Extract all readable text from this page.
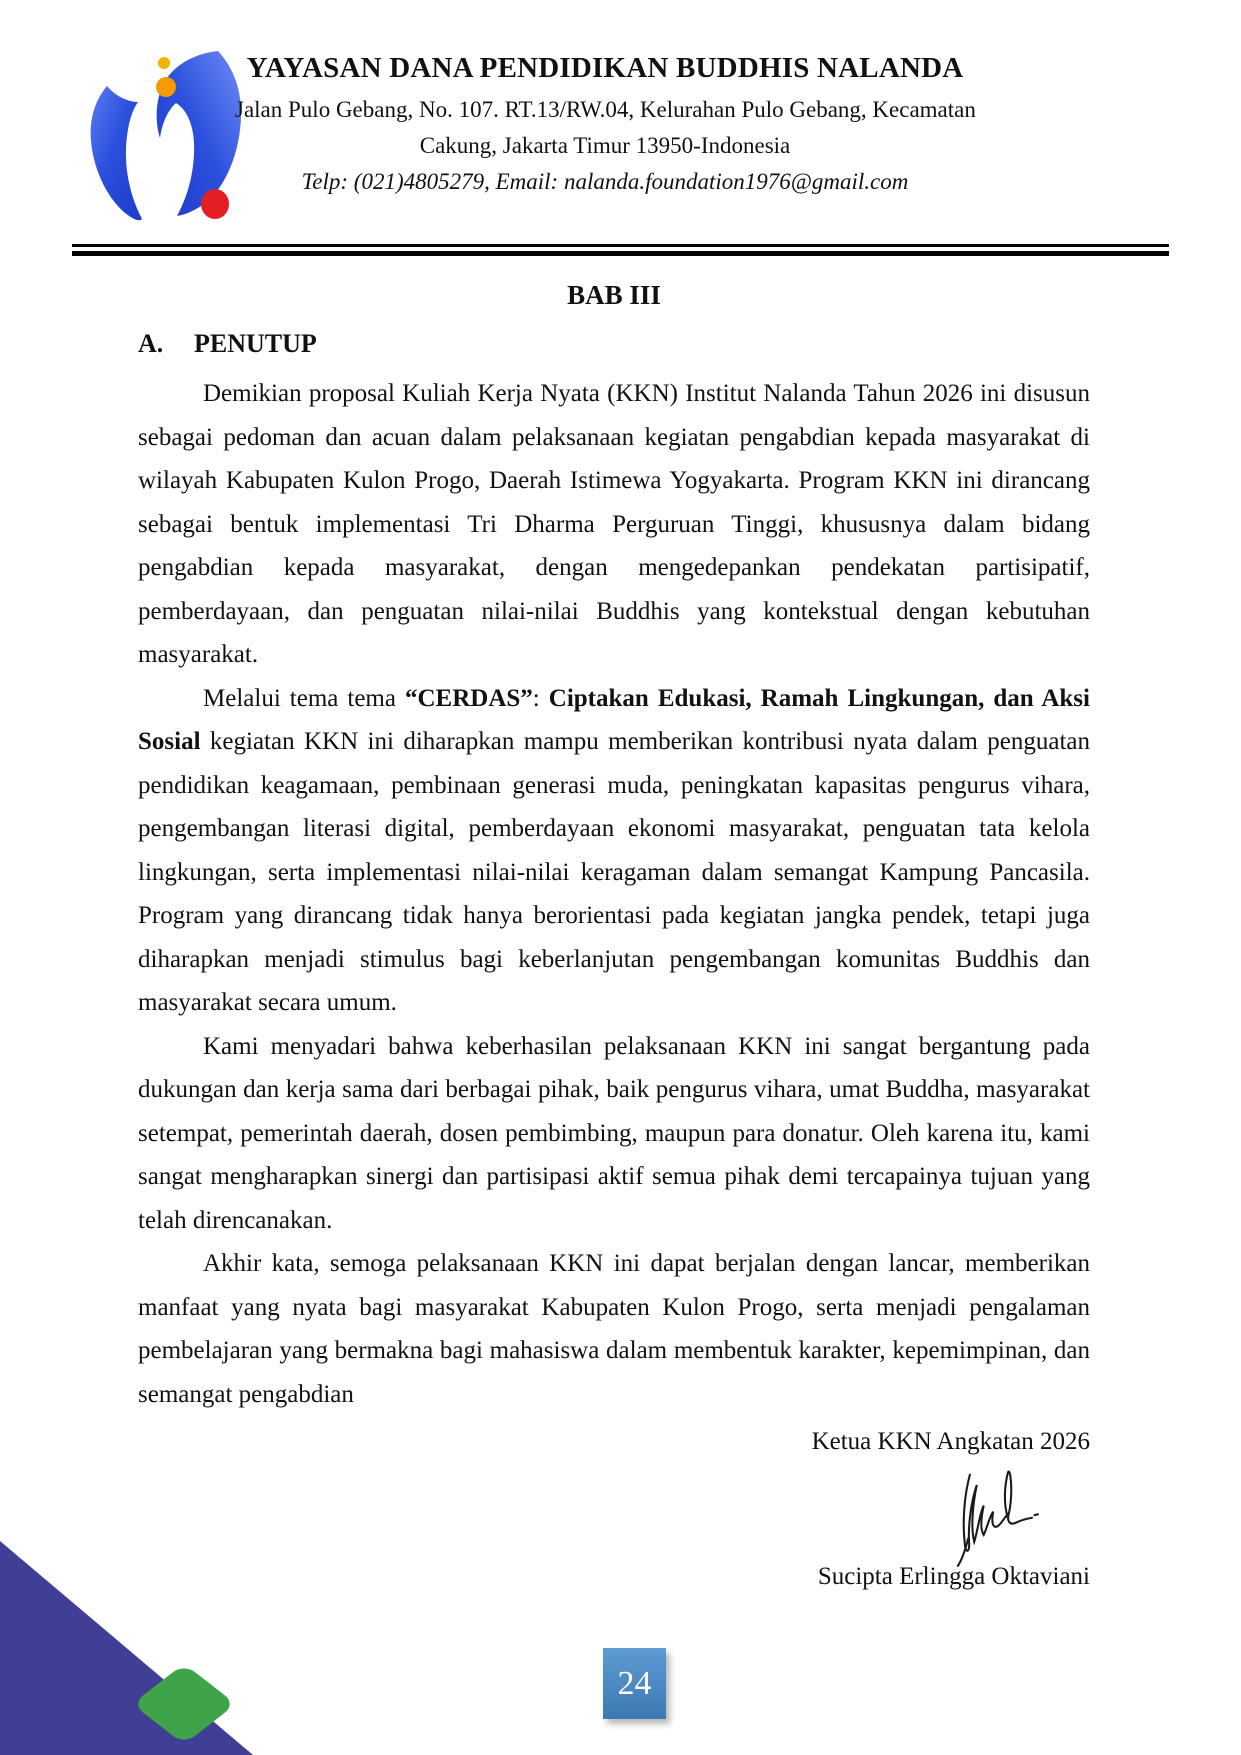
YAYASAN DANA PENDIDIKAN BUDDHIS NALANDA
Jalan Pulo Gebang, No. 107. RT.13/RW.04, Kelurahan Pulo Gebang, Kecamatan
Cakung, Jakarta Timur 13950-Indonesia
Telp: (021)4805279, Email: nalanda.foundation1976@gmail.com
BAB III
A. PENUTUP

Demikian proposal Kuliah Kerja Nyata (KKN) Institut Nalanda Tahun 2026 ini disusun sebagai pedoman dan acuan dalam pelaksanaan kegiatan pengabdian kepada masyarakat di wilayah Kabupaten Kulon Progo, Daerah Istimewa Yogyakarta. Program KKN ini dirancang sebagai bentuk implementasi Tri Dharma Perguruan Tinggi, khususnya dalam bidang pengabdian kepada masyarakat, dengan mengedepankan pendekatan partisipatif, pemberdayaan, dan penguatan nilai-nilai Buddhis yang kontekstual dengan kebutuhan masyarakat.

Melalui tema tema “CERDAS”: Ciptakan Edukasi, Ramah Lingkungan, dan Aksi Sosial kegiatan KKN ini diharapkan mampu memberikan kontribusi nyata dalam penguatan pendidikan keagamaan, pembinaan generasi muda, peningkatan kapasitas pengurus vihara, pengembangan literasi digital, pemberdayaan ekonomi masyarakat, penguatan tata kelola lingkungan, serta implementasi nilai-nilai keragaman dalam semangat Kampung Pancasila. Program yang dirancang tidak hanya berorientasi pada kegiatan jangka pendek, tetapi juga diharapkan menjadi stimulus bagi keberlanjutan pengembangan komunitas Buddhis dan masyarakat secara umum.

Kami menyadari bahwa keberhasilan pelaksanaan KKN ini sangat bergantung pada dukungan dan kerja sama dari berbagai pihak, baik pengurus vihara, umat Buddha, masyarakat setempat, pemerintah daerah, dosen pembimbing, maupun para donatur. Oleh karena itu, kami sangat mengharapkan sinergi dan partisipasi aktif semua pihak demi tercapainya tujuan yang telah direncanakan.

Akhir kata, semoga pelaksanaan KKN ini dapat berjalan dengan lancar, memberikan manfaat yang nyata bagi masyarakat Kabupaten Kulon Progo, serta menjadi pengalaman pembelajaran yang bermakna bagi mahasiswa dalam membentuk karakter, kepemimpinan, dan semangat pengabdian

Ketua KKN Angkatan 2026
Sucipta Erlingga Oktaviani
24
